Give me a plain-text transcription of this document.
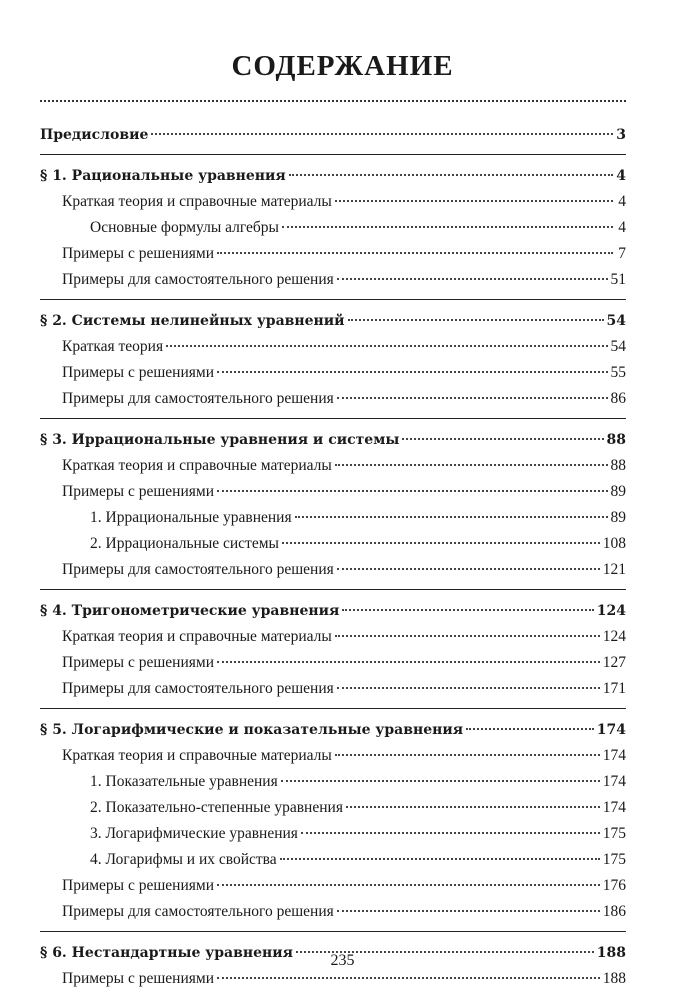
СОДЕРЖАНИЕ
Предисловие	3
§ 1. Рациональные уравнения	4
Краткая теория и справочные материалы	4
Основные формулы алгебры	4
Примеры с решениями	7
Примеры для самостоятельного решения	51
§ 2. Системы нелинейных уравнений	54
Краткая теория	54
Примеры с решениями	55
Примеры для самостоятельного решения	86
§ 3. Иррациональные уравнения и системы	88
Краткая теория и справочные материалы	88
Примеры с решениями	89
1. Иррациональные уравнения	89
2. Иррациональные системы	108
Примеры для самостоятельного решения	121
§ 4. Тригонометрические уравнения	124
Краткая теория и справочные материалы	124
Примеры с решениями	127
Примеры для самостоятельного решения	171
§ 5. Логарифмические и показательные уравнения	174
Краткая теория и справочные материалы	174
1. Показательные уравнения	174
2. Показательно-степенные уравнения	174
3. Логарифмические уравнения	175
4. Логарифмы и их свойства	175
Примеры с решениями	176
Примеры для самостоятельного решения	186
§ 6. Нестандартные уравнения	188
Примеры с решениями	188
235
